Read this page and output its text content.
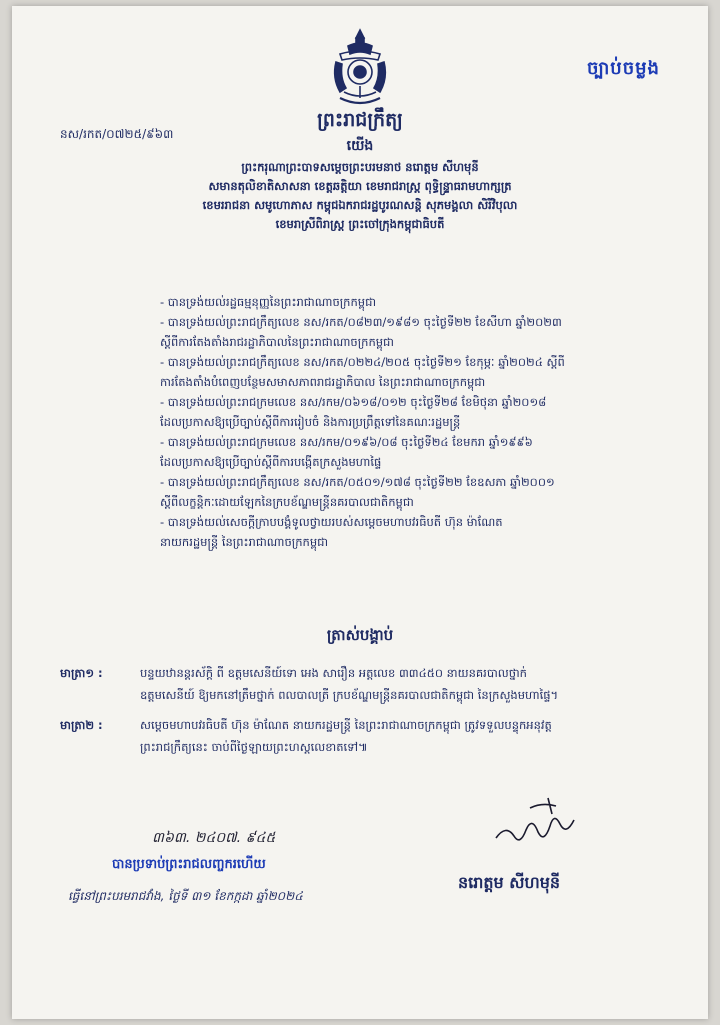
ច្បាប់ចម្លង
ព្រះរាជក្រឹត្យ
នស/រកត/០៧២៥/៩៦៣
យើង
ព្រះករុណាព្រះបាទសម្តេចព្រះបរមនាថ នរោត្តម សីហមុនី
សមានតុលិខាតិសាសនា ខេត្តឆត្តិយា ខេមរាជរាស្ត្រ ពុទ្ធិន្ទ្រាធរាមហាក្សត្រ
ខេមររាជនា សមូហោភាស កម្ពុជឯករាជរដ្ឋបូរណសន្តិ សុភមង្គលា សិរីវិបុលា
ខេមរាស្រីពិរាស្ត្រ ព្រះចៅក្រុងកម្ពុជាធិបតី
- បានទ្រង់យល់រដ្ឋធម្មនុញ្ញនៃព្រះរាជាណាចក្រកម្ពុជា
- បានទ្រង់យល់ព្រះរាជក្រឹត្យលេខ នស/រកត/០៨២៣/១៩៨១ ចុះថ្ងៃទី២២ ខែសីហា ឆ្នាំ២០២៣
ស្តីពីការតែងតាំងរាជរដ្ឋាភិបាលនៃព្រះរាជាណាចក្រកម្ពុជា
- បានទ្រង់យល់ព្រះរាជក្រឹត្យលេខ នស/រកត/០២២៤/២០៥ ចុះថ្ងៃទី២១ ខែកុម្ភៈ ឆ្នាំ២០២៤ ស្តីពី
ការតែងតាំងបំពេញបន្ថែមសមាសភាពរាជរដ្ឋាភិបាល នៃព្រះរាជាណាចក្រកម្ពុជា
- បានទ្រង់យល់ព្រះរាជក្រមលេខ នស/រកម/០៦១៨/០១២ ចុះថ្ងៃទី២៨ ខែមិថុនា ឆ្នាំ២០១៨
ដែលប្រកាសឱ្យប្រើច្បាប់ស្តីពីការរៀបចំ និងការប្រព្រឹត្តទៅនៃគណៈរដ្ឋមន្ត្រី
- បានទ្រង់យល់ព្រះរាជក្រមលេខ នស/រកម/០១៩៦/០៨ ចុះថ្ងៃទី២៤ ខែមករា ឆ្នាំ១៩៩៦
ដែលប្រកាសឱ្យប្រើច្បាប់ស្តីពីការបង្កើតក្រសួងមហាផ្ទៃ
- បានទ្រង់យល់ព្រះរាជក្រឹត្យលេខ នស/រកត/០៥០១/១៧៨ ចុះថ្ងៃទី២២ ខែឧសភា ឆ្នាំ២០០១
ស្តីពីលក្ខន្តិកៈដោយឡែកនៃក្របខ័ណ្ឌមន្ត្រីនគរបាលជាតិកម្ពុជា
- បានទ្រង់យល់សេចក្តីក្រាបបង្គំទូលថ្វាយរបស់សម្តេចមហាបវរធិបតី ហ៊ុន ម៉ាណែត
នាយករដ្ឋមន្ត្រី នៃព្រះរាជាណាចក្រកម្ពុជា
ត្រាស់បង្គាប់
មាត្រា១ :	បន្ទយឋានន្តរស័ក្តិ ពី ឧត្តមសេនីយ៍ទោ អេង សារឿន អត្តលេខ ៣៣៤៥០ នាយនគរបាលថ្នាក់
ឧត្តមសេនីយ៍ ឱ្យមកនៅត្រឹមថ្នាក់ ពលបាលត្រី ក្របខ័ណ្ឌមន្ត្រីនគរបាលជាតិកម្ពុជា នៃក្រសួងមហាផ្ទៃ។
មាត្រា២ :	សម្តេចមហាបវរធិបតី ហ៊ុន ម៉ាណែត នាយករដ្ឋមន្ត្រី នៃព្រះរាជាណាចក្រកម្ពុជា ត្រូវទទួលបន្ទុកអនុវត្ត
ព្រះរាជក្រឹត្យនេះ ចាប់ពីថ្ងៃឡាយព្រះហស្តលេខាតទៅ៕
៣៦៣. ២៤០៧. ៩៤៥
បានប្រទាប់ព្រះរាជលញ្ចករហើយ
នរោត្តម សីហមុនី
ធ្វើនៅព្រះបរមរាជវាំង, ថ្ងៃទី ៣១ ខែកក្កដា ឆ្នាំ២០២៤
